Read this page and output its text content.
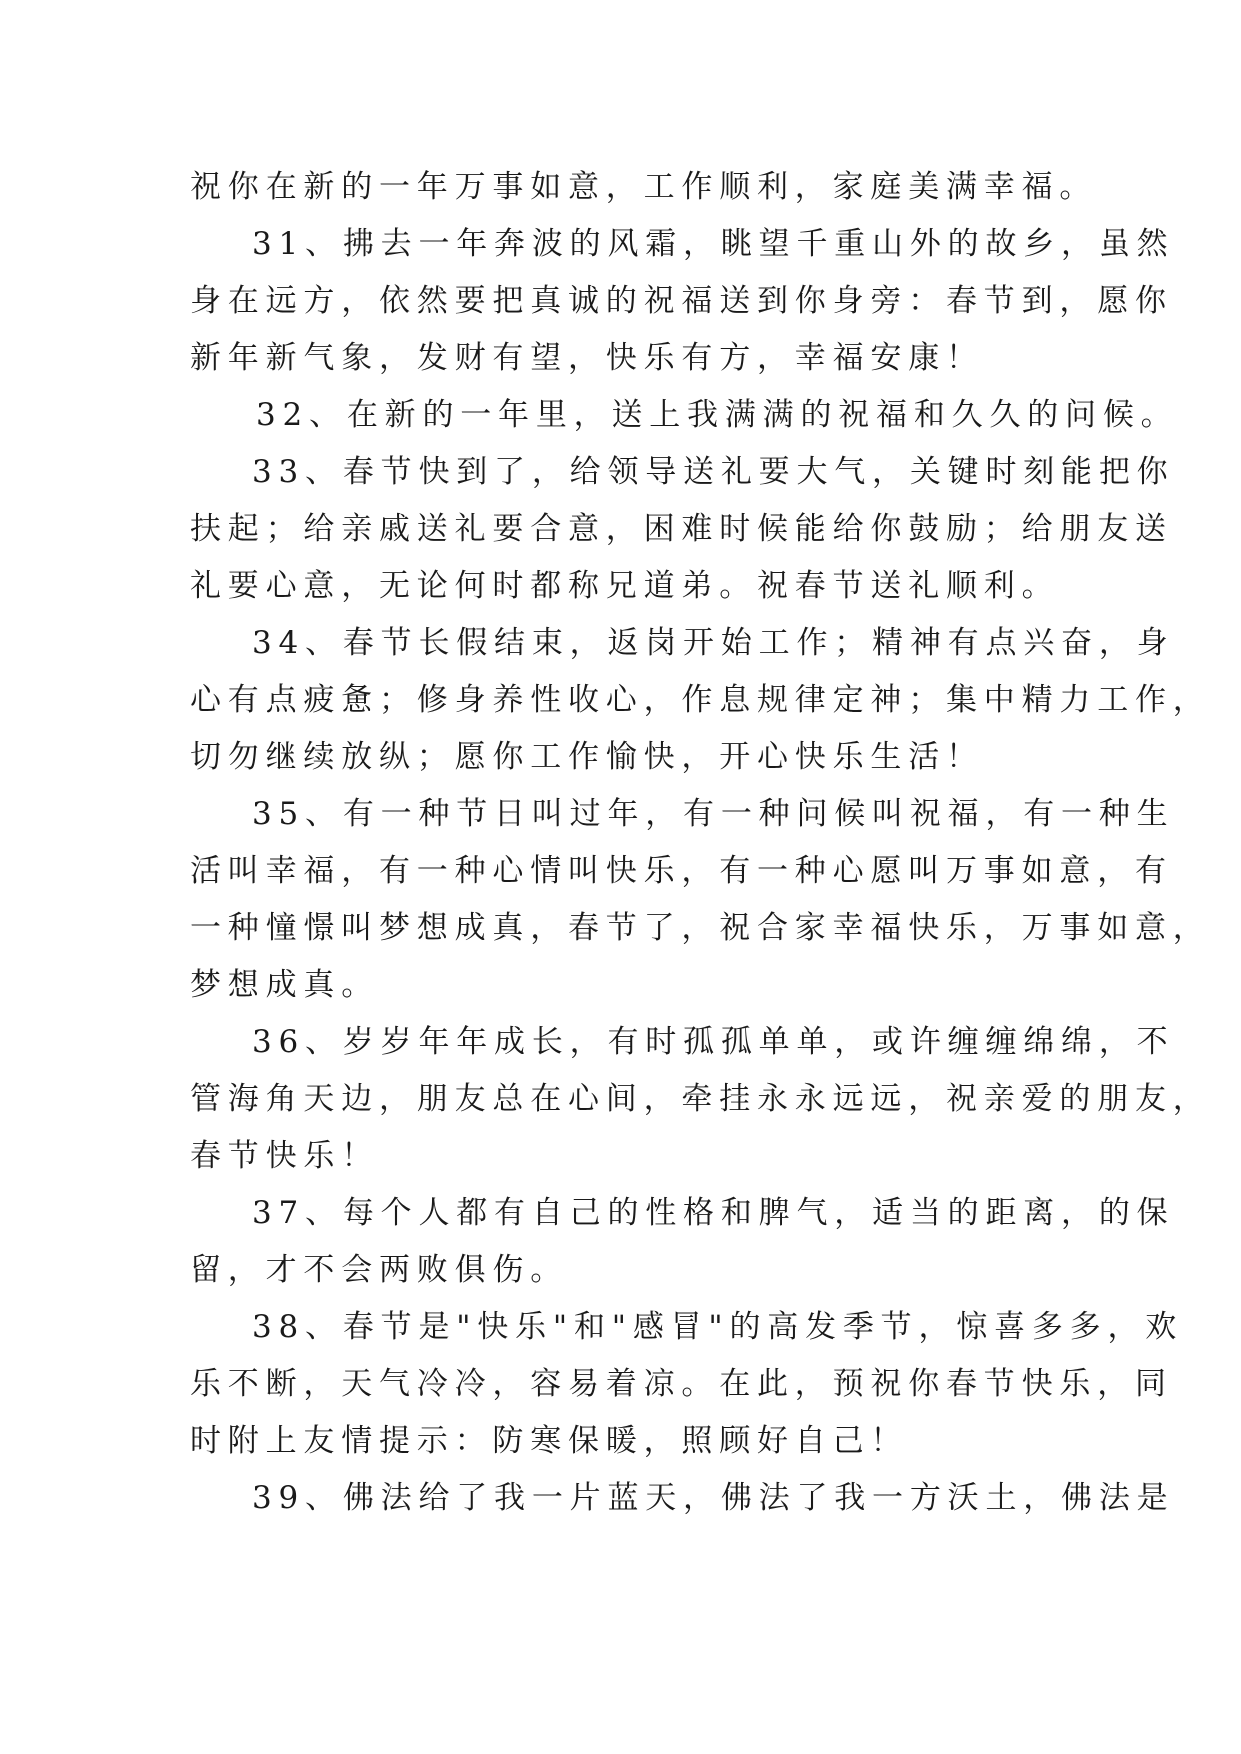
祝你在新的一年万事如意，工作顺利，家庭美满幸福。
31、拂去一年奔波的风霜，眺望千重山外的故乡，虽然
身在远方，依然要把真诚的祝福送到你身旁：春节到，愿你
新年新气象，发财有望，快乐有方，幸福安康！
32、在新的一年里，送上我满满的祝福和久久的问候。
33、春节快到了，给领导送礼要大气，关键时刻能把你
扶起；给亲戚送礼要合意，困难时候能给你鼓励；给朋友送
礼要心意，无论何时都称兄道弟。祝春节送礼顺利。
34、春节长假结束，返岗开始工作；精神有点兴奋，身
心有点疲惫；修身养性收心，作息规律定神；集中精力工作，
切勿继续放纵；愿你工作愉快，开心快乐生活！
35、有一种节日叫过年，有一种问候叫祝福，有一种生
活叫幸福，有一种心情叫快乐，有一种心愿叫万事如意，有
一种憧憬叫梦想成真，春节了，祝合家幸福快乐，万事如意，
梦想成真。
36、岁岁年年成长，有时孤孤单单，或许缠缠绵绵，不
管海角天边，朋友总在心间，牵挂永永远远，祝亲爱的朋友，
春节快乐！
37、每个人都有自己的性格和脾气，适当的距离，的保
留，才不会两败俱伤。
38、春节是"快乐"和"感冒"的高发季节，惊喜多多，欢
乐不断，天气冷冷，容易着凉。在此，预祝你春节快乐，同
时附上友情提示：防寒保暖，照顾好自己！
39、佛法给了我一片蓝天，佛法了我一方沃土，佛法是
